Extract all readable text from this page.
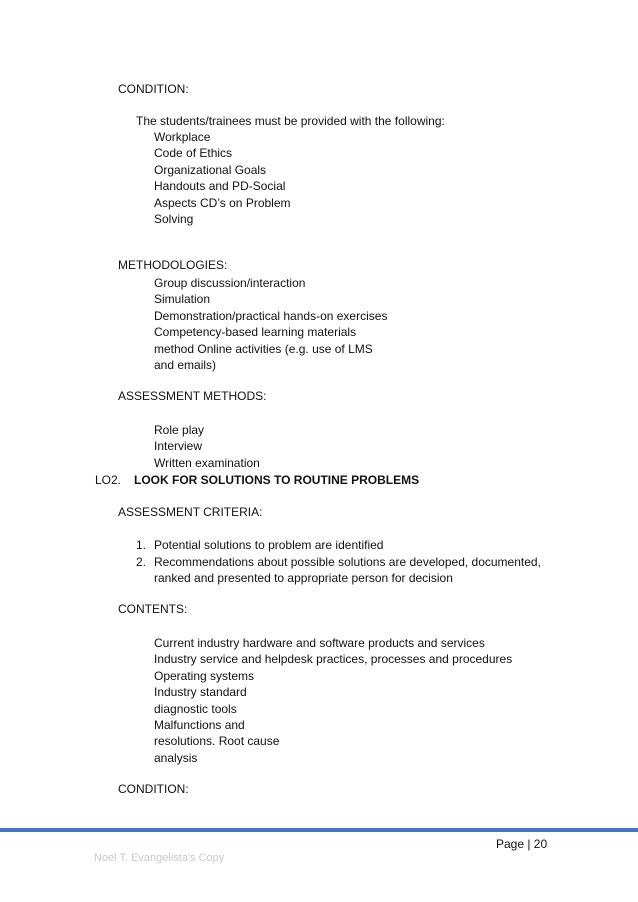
CONDITION:
The students/trainees must be provided with the following:
Workplace
Code of Ethics
Organizational Goals
Handouts and PD-Social
Aspects CD’s on Problem
Solving
METHODOLOGIES:
Group discussion/interaction
Simulation
Demonstration/practical hands-on exercises
Competency-based learning materials
method Online activities (e.g. use of LMS
and emails)
ASSESSMENT METHODS:
Role play
Interview
Written examination
LO2. LOOK FOR SOLUTIONS TO ROUTINE PROBLEMS
ASSESSMENT CRITERIA:
1. Potential solutions to problem are identified
2. Recommendations about possible solutions are developed, documented,
ranked and presented to appropriate person for decision
CONTENTS:
Current industry hardware and software products and services
Industry service and helpdesk practices, processes and procedures
Operating systems
Industry standard
diagnostic tools
Malfunctions and
resolutions. Root cause
analysis
CONDITION:
Page | 20
Noel T. Evangelista's Copy
